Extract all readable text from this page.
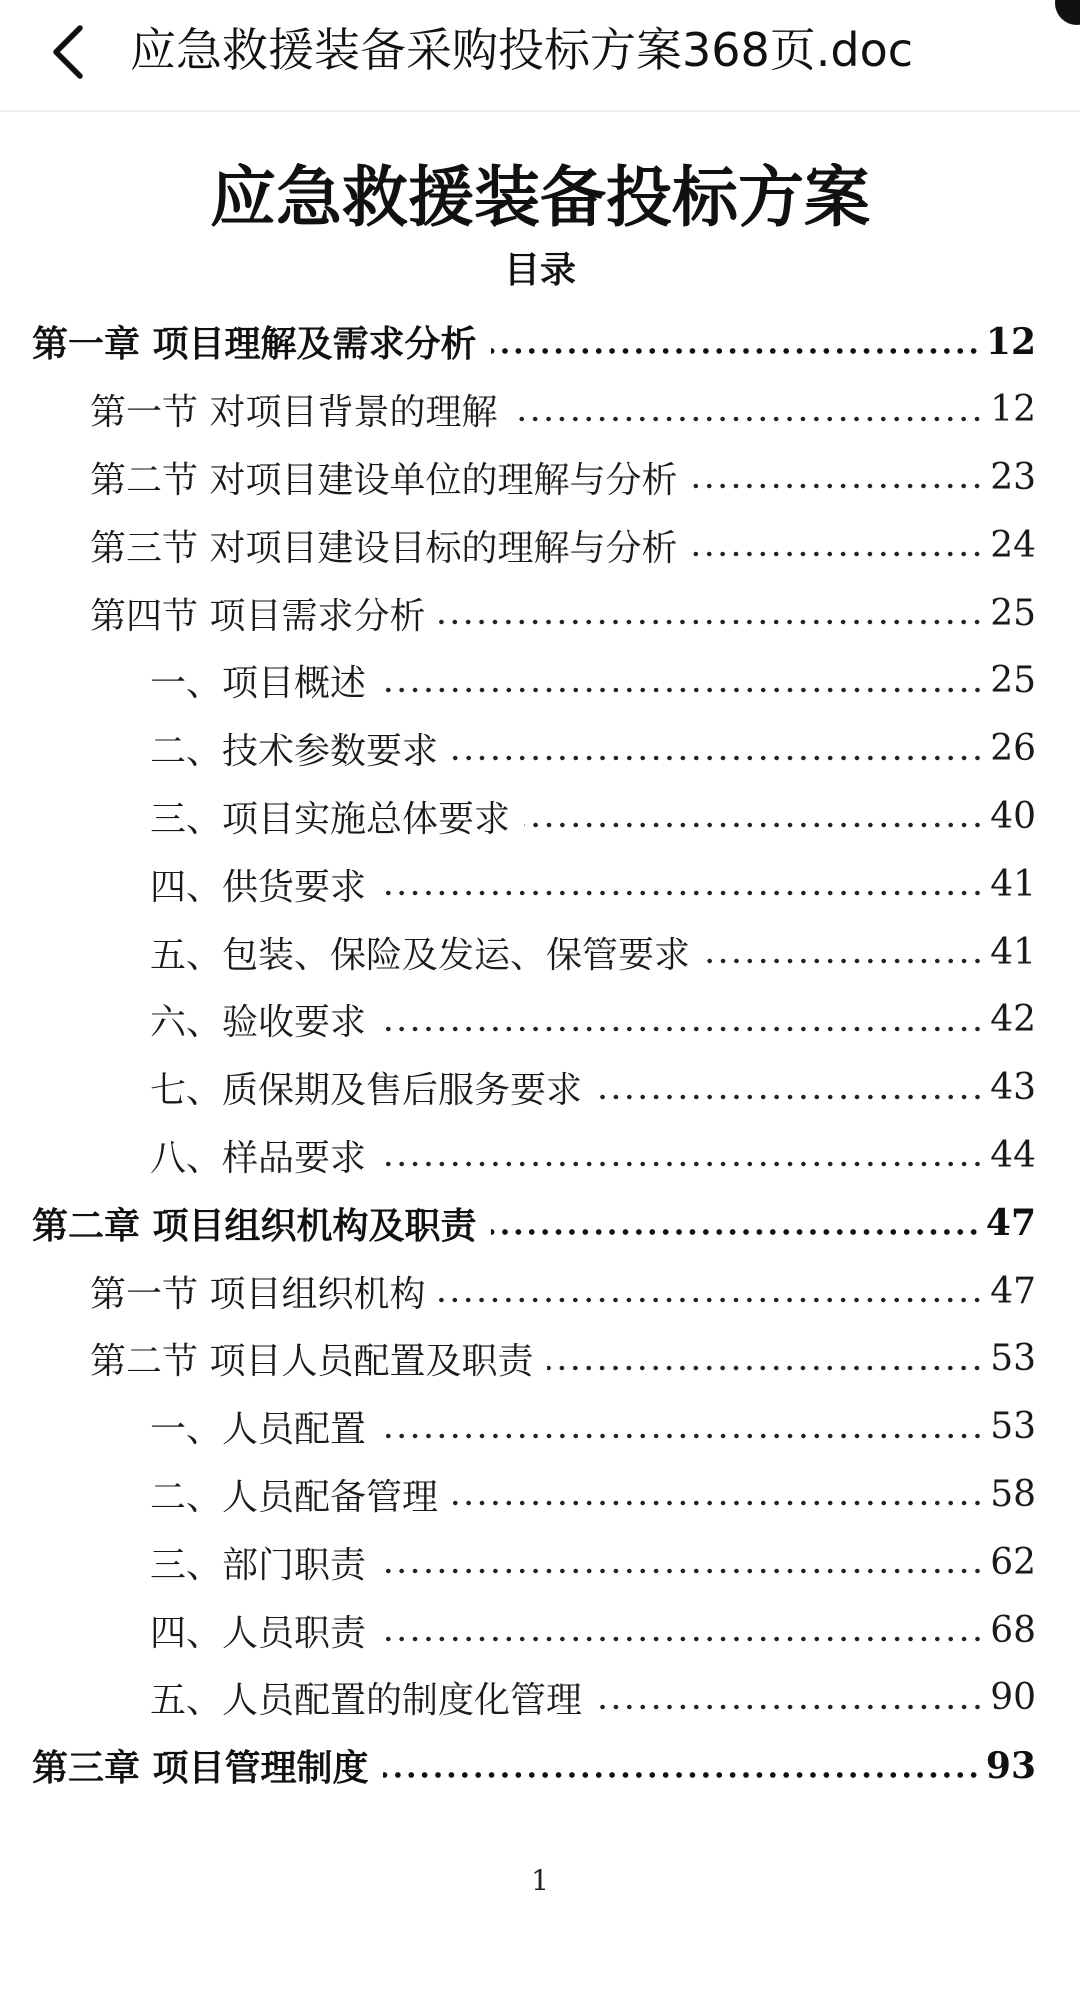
应急救援装备采购投标方案368页.doc
应急救援装备投标方案
目录
第一章 项目理解及需求分析	12
第一节 对项目背景的理解	12
第二节 对项目建设单位的理解与分析	23
第三节 对项目建设目标的理解与分析	24
第四节 项目需求分析	25
一、项目概述	25
二、技术参数要求	26
三、项目实施总体要求	40
四、供货要求	41
五、包装、保险及发运、保管要求	41
六、验收要求	42
七、质保期及售后服务要求	43
八、样品要求	44
第二章 项目组织机构及职责	47
第一节 项目组织机构	47
第二节 项目人员配置及职责	53
一、人员配置	53
二、人员配备管理	58
三、部门职责	62
四、人员职责	68
五、人员配置的制度化管理	90
第三章 项目管理制度	93
1
